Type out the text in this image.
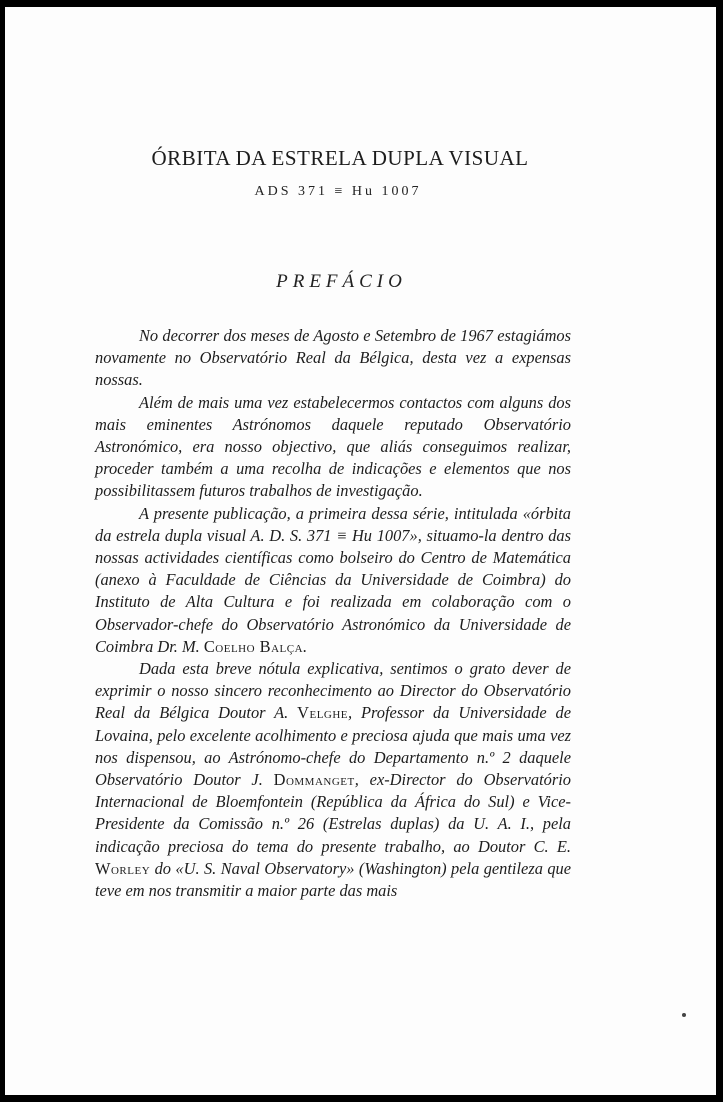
ÓRBITA DA ESTRELA DUPLA VISUAL
ADS 371 ≡ Hu 1007
PREFÁCIO

No decorrer dos meses de Agosto e Setembro de 1967 estagiámos novamente no Observatório Real da Bélgica, desta vez a expensas nossas.

Além de mais uma vez estabelecermos contactos com alguns dos mais eminentes Astrónomos daquele reputado Observatório Astronómico, era nosso objectivo, que aliás conseguimos realizar, proceder também a uma recolha de indicações e elementos que nos possibilitassem futuros trabalhos de investigação.

A presente publicação, a primeira dessa série, intitulada «órbita da estrela dupla visual A. D. S. 371 ≡ Hu 1007», situamo-la dentro das nossas actividades científicas como bolseiro do Centro de Matemática (anexo à Faculdade de Ciências da Universidade de Coimbra) do Instituto de Alta Cultura e foi realizada em colaboração com o Observador-chefe do Observatório Astronómico da Universidade de Coimbra Dr. M. Coelho Balça.

Dada esta breve nótula explicativa, sentimos o grato dever de exprimir o nosso sincero reconhecimento ao Director do Observatório Real da Bélgica Doutor A. Velghe, Professor da Universidade de Lovaina, pelo excelente acolhimento e preciosa ajuda que mais uma vez nos dispensou, ao Astrónomo-chefe do Departamento n.º 2 daquele Observatório Doutor J. Dommanget, ex-Director do Observatório Internacional de Bloemfontein (República da África do Sul) e Vice-Presidente da Comissão n.º 26 (Estrelas duplas) da U. A. I., pela indicação preciosa do tema do presente trabalho, ao Doutor C. E. Worley do «U. S. Naval Observatory» (Washington) pela gentileza que teve em nos transmitir a maior parte das mais
